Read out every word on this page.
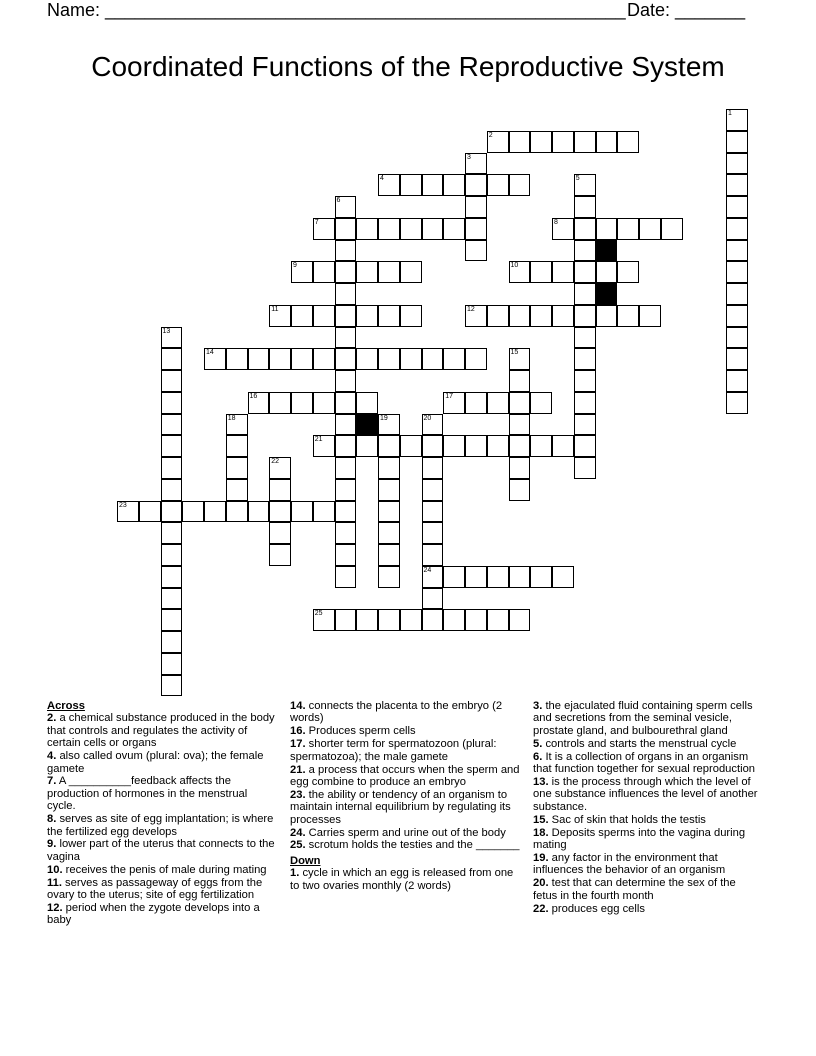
Name: ____________________________________________________ Date: _______
Coordinated Functions of the Reproductive System
1
2
3
4	5
6
7	8
9	10
11	12
13
14	15
16	17
18	19	20
24
21
22
23
25

Across

2. a chemical substance produced in the body that controls and regulates the activity of certain cells or organs

4. also called ovum (plural: ova); the female gamete

7. A __________feedback affects the production of hormones in the menstrual cycle.

8. serves as site of egg implantation; is where the fertilized egg develops

9. lower part of the uterus that connects to the vagina

10. receives the penis of male during mating

11. serves as passageway of eggs from the ovary to the uterus; site of egg fertilization

12. period when the zygote develops into a baby

14. connects the placenta to the embryo (2 words)

16. Produces sperm cells

17. shorter term for spermatozoon (plural: spermatozoa); the male gamete

21. a process that occurs when the sperm and egg combine to produce an embryo

23. the ability or tendency of an organism to maintain internal equilibrium by regulating its processes

24. Carries sperm and urine out of the body

25. scrotum holds the testies and the _______

Down

1. cycle in which an egg is released from one to two ovaries monthly (2 words)

3. the ejaculated fluid containing sperm cells and secretions from the seminal vesicle, prostate gland, and bulbourethral gland

5. controls and starts the menstrual cycle

6. It is a collection of organs in an organism that function together for sexual reproduction

13. is the process through which the level of one substance influences the level of another substance.

15. Sac of skin that holds the testis

18. Deposits sperms into the vagina during mating

19. any factor in the environment that influences the behavior of an organism

20. test that can determine the sex of the fetus in the fourth month

22. produces egg cells
